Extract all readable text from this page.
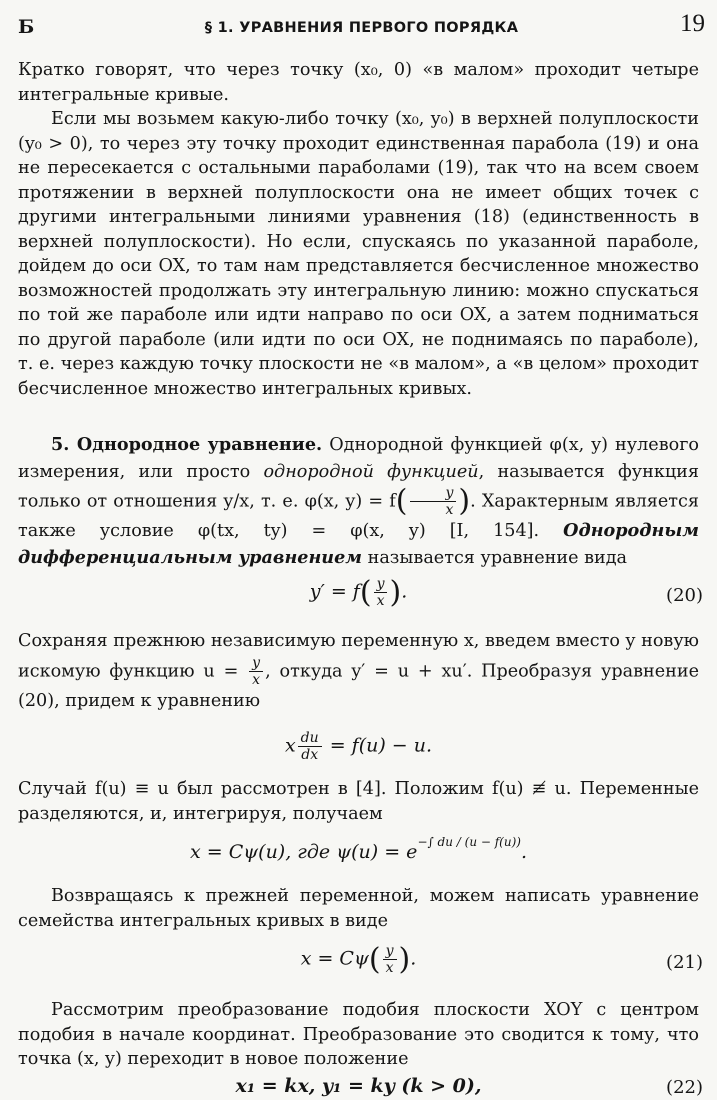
Б	§ 1. УРАВНЕНИЯ ПЕРВОГО ПОРЯДКА	19
Кратко говорят, что через точку (x₀, 0) «в малом» проходит четыре интегральные кривые.
Если мы возьмем какую-либо точку (x₀, y₀) в верхней полуплоскости (y₀ > 0), то через эту точку проходит единственная парабола (19) и она не пересекается с остальными параболами (19), так что на всем своем протяжении в верхней полуплоскости она не имеет общих точек с другими интегральными линиями уравнения (18) (единственность в верхней полуплоскости). Но если, спускаясь по указанной параболе, дойдем до оси OX, то там нам представляется бесчисленное множество возможностей продолжать эту интегральную линию: можно спускаться по той же параболе или идти направо по оси OX, а затем подниматься по другой параболе (или идти по оси OX, не поднимаясь по параболе), т. е. через каждую точку плоскости не «в малом», а «в целом» проходит бесчисленное множество интегральных кривых.
5. Однородное уравнение. Однородной функцией φ(x, y) нулевого измерения, или просто однородной функцией, называется функция только от отношения y/x, т. е. φ(x, $y) = f( \frac{y}{x}$ ). Характерным является также условие φ(tx, ty) = φ(x, y) [I, 154]. Однородным дифференциальным уравнением называется уравнение вида
$y' = f( \frac{y}{x}$ ).	(20)
Сохраняя прежнюю независимую переменную x, введем вместо y новую искомую функцию $u = \frac{y}{x}$ , откуда y′ = u + xu′. Преобразуя уравнение (20), придем к уравнению
x $\frac{du}{dx} = f(u) - u$.
Случай f(u) ≡ u был рассмотрен в [4]. Положим f(u) ≢ u. Переменные разделяются, и, интегрируя, получаем
x = Cψ(u), где $\psi(u) = e^{-\int du / (u - f(u))}$.
Возвращаясь к прежней переменной, можем написать уравнение семейства интегральных кривых в виде
$x = C\psi( \frac{y}{x}$ ).	(21)
Рассмотрим преобразование подобия плоскости XOY с центром подобия в начале координат. Преобразование это сводится к тому, что точка (x, y) переходит в новое положение
x₁ = kx, y₁ = ky (k > 0),	(22)
